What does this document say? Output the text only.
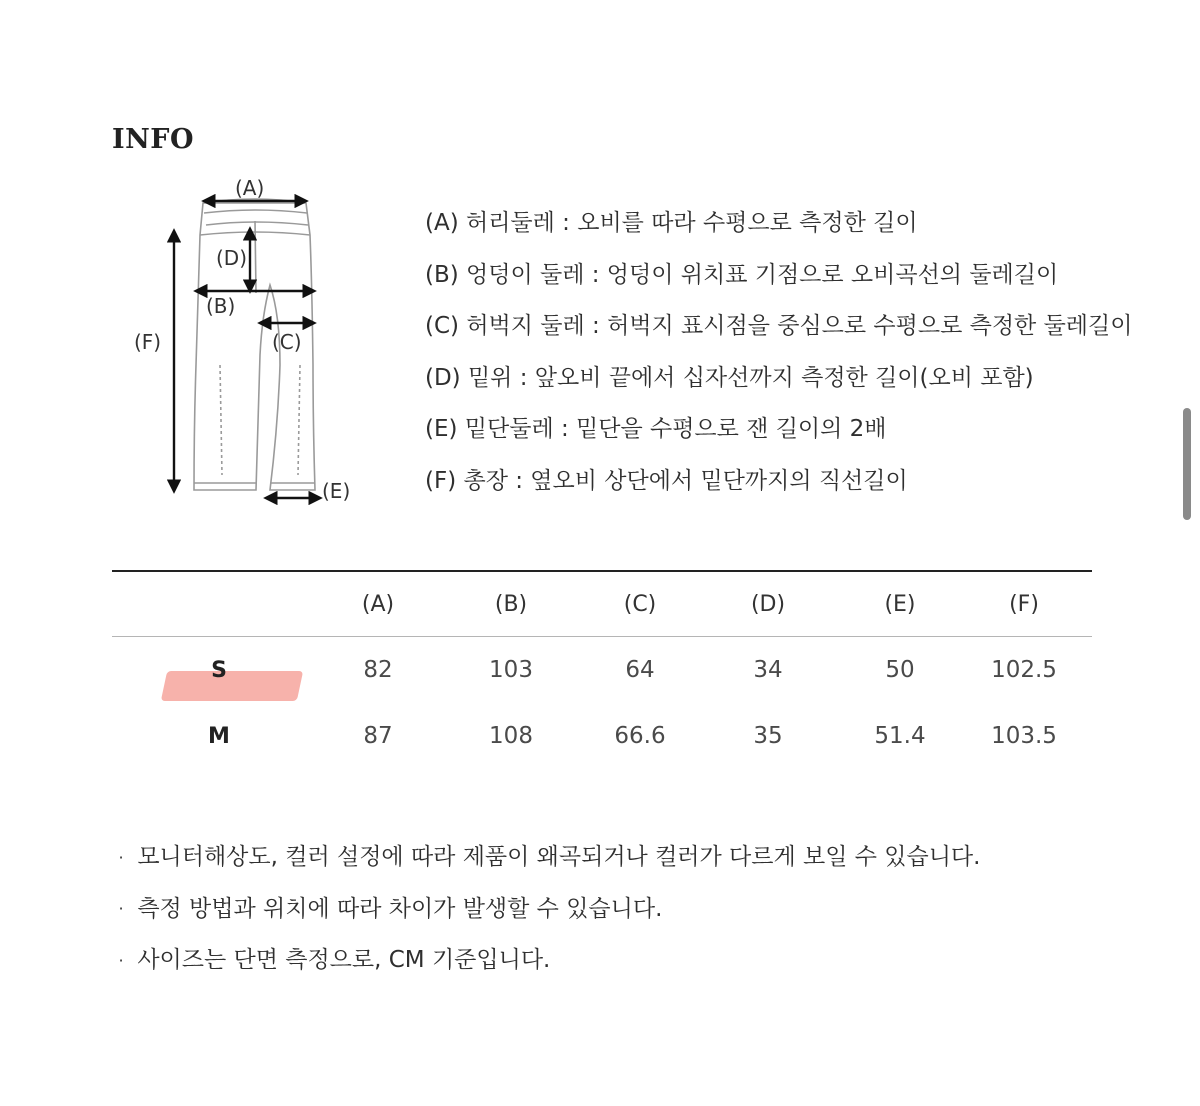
INFO
(A)
(D)
(B)
(C)
(F)
(E)
(A) 허리둘레 : 오비를 따라 수평으로 측정한 길이
(B) 엉덩이 둘레 : 엉덩이 위치표 기점으로 오비곡선의 둘레길이
(C) 허벅지 둘레 : 허벅지 표시점을 중심으로 수평으로 측정한 둘레길이
(D) 밑위 : 앞오비 끝에서 십자선까지 측정한 길이(오비 포함)
(E) 밑단둘레 : 밑단을 수평으로 잰 길이의 2배
(F) 총장 : 옆오비 상단에서 밑단까지의 직선길이
(A)	(B)	(C)	(D)	(E)	(F)
S	82	103	64	34	50	102.5
M	87	108	66.6	35	51.4	103.5
· 모니터해상도, 컬러 설정에 따라 제품이 왜곡되거나 컬러가 다르게 보일 수 있습니다.
· 측정 방법과 위치에 따라 차이가 발생할 수 있습니다.
· 사이즈는 단면 측정으로, CM 기준입니다.
